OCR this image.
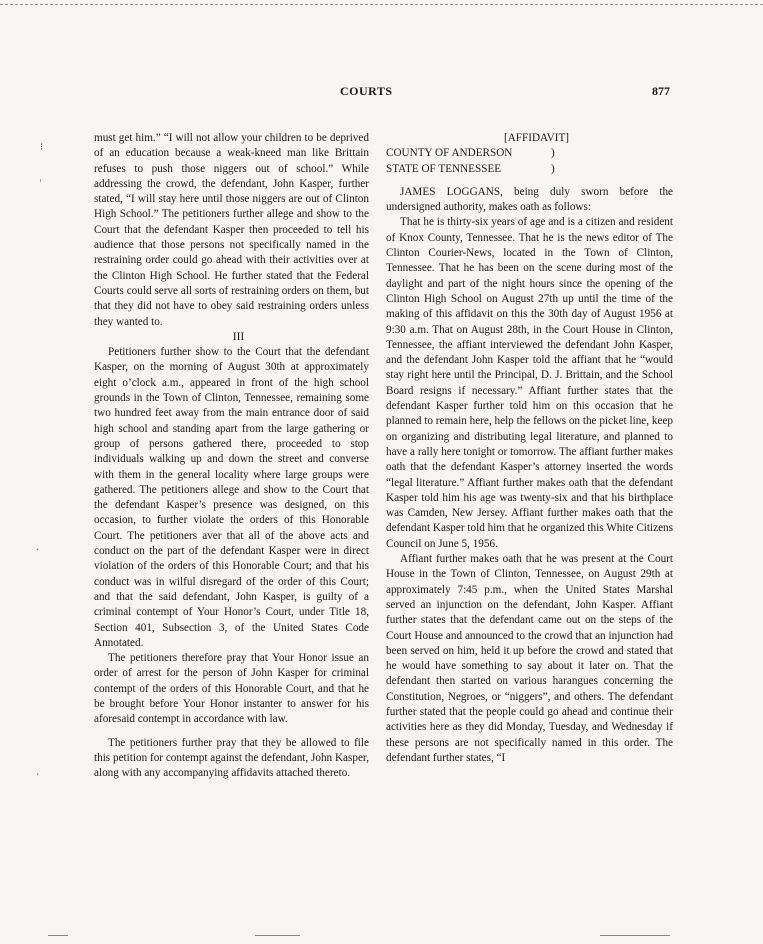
COURTS	877

must get him.” “I will not allow your children to be deprived of an education because a weak-kneed man like Brittain refuses to push those niggers out of school.” While addressing the crowd, the defendant, John Kasper, further stated, “I will stay here until those niggers are out of Clinton High School.” The petitioners further allege and show to the Court that the defendant Kasper then proceeded to tell his audience that those persons not specifically named in the restraining order could go ahead with their activities over at the Clinton High School. He further stated that the Federal Courts could serve all sorts of restraining orders on them, but that they did not have to obey said restraining orders unless they wanted to.

III

Petitioners further show to the Court that the defendant Kasper, on the morning of August 30th at approximately eight o’clock a.m., appeared in front of the high school grounds in the Town of Clinton, Tennessee, remaining some two hundred feet away from the main entrance door of said high school and standing apart from the large gathering or group of persons gathered there, proceeded to stop individuals walking up and down the street and converse with them in the general locality where large groups were gathered. The petitioners allege and show to the Court that the defendant Kasper’s presence was designed, on this occasion, to further violate the orders of this Honorable Court. The petitioners aver that all of the above acts and conduct on the part of the defendant Kasper were in direct violation of the orders of this Honorable Court; and that his conduct was in wilful disregard of the order of this Court; and that the said defendant, John Kasper, is guilty of a criminal contempt of Your Honor’s Court, under Title 18, Section 401, Subsection 3, of the United States Code Annotated.

The petitioners therefore pray that Your Honor issue an order of arrest for the person of John Kasper for criminal contempt of the orders of this Honorable Court, and that he be brought before Your Honor instanter to answer for his aforesaid contempt in accordance with law.

The petitioners further pray that they be allowed to file this petition for contempt against the defendant, John Kasper, along with any accompanying affidavits attached thereto.

[AFFIDAVIT]

COUNTY OF ANDERSON	)
STATE OF TENNESSEE	)

JAMES LOGGANS, being duly sworn before the undersigned authority, makes oath as follows:

That he is thirty-six years of age and is a citizen and resident of Knox County, Tennessee. That he is the news editor of The Clinton Courier-News, located in the Town of Clinton, Tennessee. That he has been on the scene during most of the daylight and part of the night hours since the opening of the Clinton High School on August 27th up until the time of the making of this affidavit on this the 30th day of August 1956 at 9:30 a.m. That on August 28th, in the Court House in Clinton, Tennessee, the affiant interviewed the defendant John Kasper, and the defendant John Kasper told the affiant that he “would stay right here until the Principal, D. J. Brittain, and the School Board resigns if necessary.” Affiant further states that the defendant Kasper further told him on this occasion that he planned to remain here, help the fellows on the picket line, keep on organizing and distributing legal literature, and planned to have a rally here tonight or tomorrow. The affiant further makes oath that the defendant Kasper’s attorney inserted the words “legal literature.” Affiant further makes oath that the defendant Kasper told him his age was twenty-six and that his birthplace was Camden, New Jersey. Affiant further makes oath that the defendant Kasper told him that he organized this White Citizens Council on June 5, 1956.

Affiant further makes oath that he was present at the Court House in the Town of Clinton, Tennessee, on August 29th at approximately 7:45 p.m., when the United States Marshal served an injunction on the defendant, John Kasper. Affiant further states that the defendant came out on the steps of the Court House and announced to the crowd that an injunction had been served on him, held it up before the crowd and stated that he would have something to say about it later on. That the defendant then started on various harangues concerning the Constitution, Negroes, or “niggers”, and others. The defendant further stated that the people could go ahead and continue their activities here as they did Monday, Tuesday, and Wednesday if these persons are not specifically named in this order. The defendant further states, “I

⁝
·
·
